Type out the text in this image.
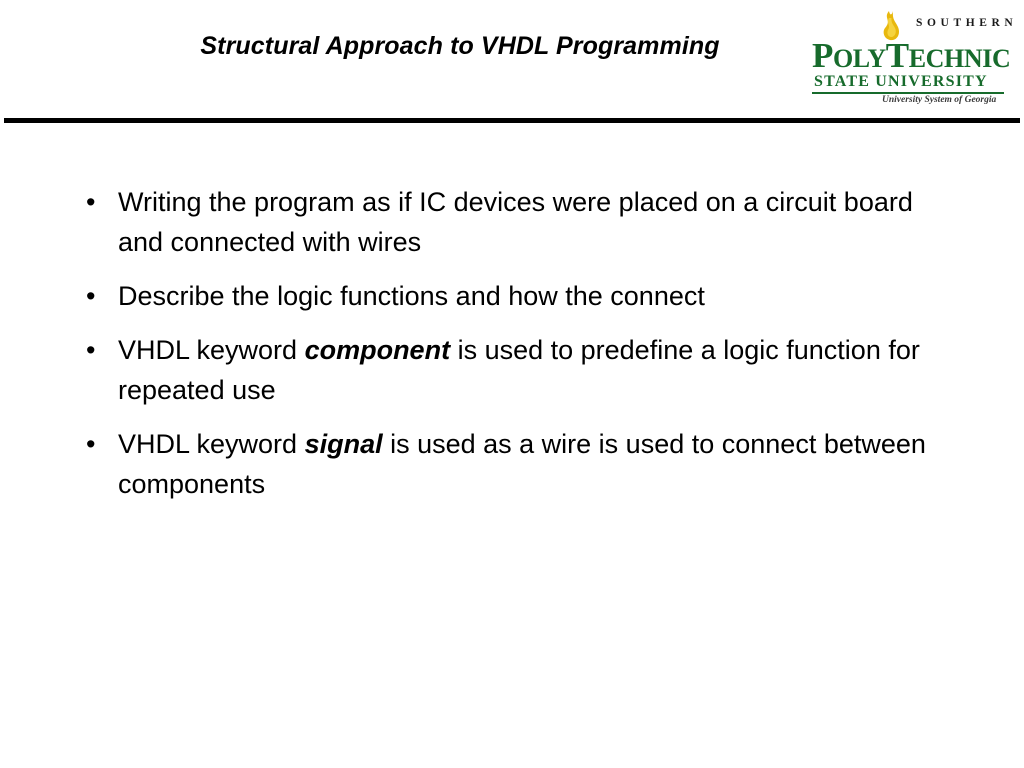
Structural Approach to VHDL Programming
SOUTHERN
POLYTECHNIC
STATE UNIVERSITY
University System of Georgia
• Writing the program as if IC devices were placed on a circuit board and connected with wires
• Describe the logic functions and how the connect
• VHDL keyword component is used to predefine a logic function for repeated use
• VHDL keyword signal is used as a wire is used to connect between components
